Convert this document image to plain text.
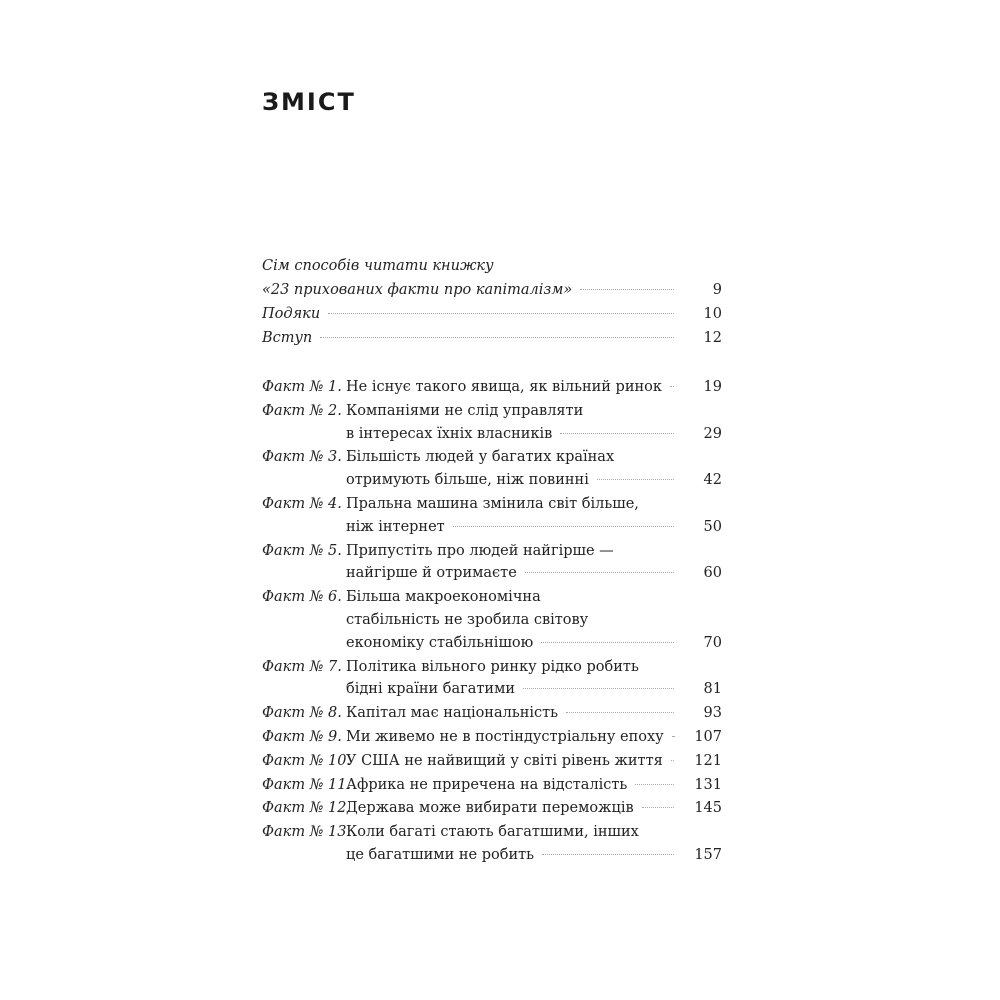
ЗМІСТ
Сім способів читати книжку
«23 прихованих факти про капіталізм»	9
Подяки	10
Вступ	12
Факт № 1. Не існує такого явища, як вільний ринок	19
Факт № 2. Компаніями не слід управляти
в інтересах їхніх власників	29
Факт № 3. Більшість людей у багатих країнах
отримують більше, ніж повинні	42
Факт № 4. Пральна машина змінила світ більше,
ніж інтернет	50
Факт № 5. Припустіть про людей найгірше —
найгірше й отримаєте	60
Факт № 6. Більша макроекономічна
стабільність не зробила світову
економіку стабільнішою	70
Факт № 7. Політика вільного ринку рідко робить
бідні країни багатими	81
Факт № 8. Капітал має національність	93
Факт № 9. Ми живемо не в постіндустріальну епоху	107
Факт № 10.
У США не найвищий у світі рівень життя	121
Факт № 11.
Африка не приречена на відсталість	131
Факт № 12.
Держава може вибирати переможців	145
Факт № 13.
Коли багаті стають багатшими, інших
це багатшими не робить	157
